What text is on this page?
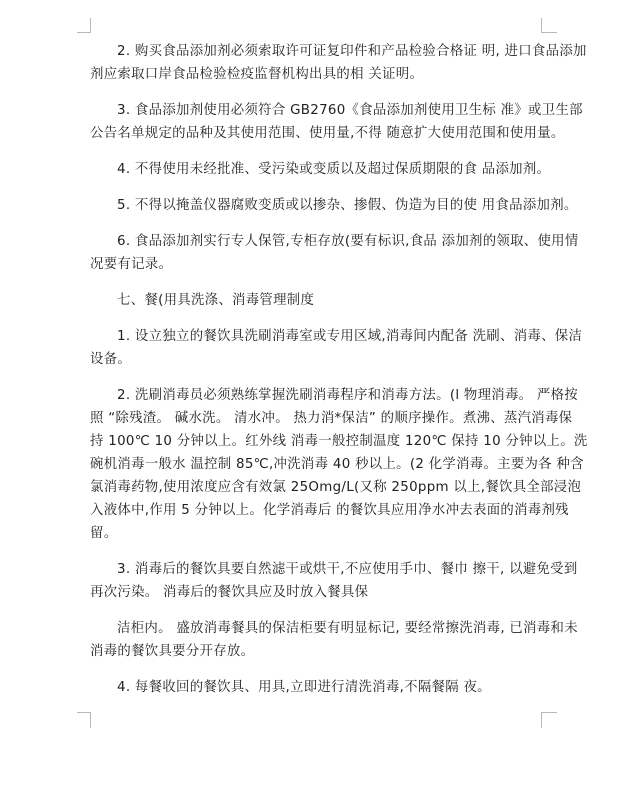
2. 购买食品添加剂必须索取许可证复印件和产品检验合格证 明, 进口食品添加
剂应索取口岸食品检验检疫监督机构出具的相 关证明。
3. 食品添加剂使用必须符合 GB2760《食品添加剂使用卫生标 准》或卫生部
公告名单规定的品种及其使用范围、使用量,不得 随意扩大使用范围和使用量。
4. 不得使用未经批准、受污染或变质以及超过保质期限的食 品添加剂。
5. 不得以掩盖仪器腐败变质或以掺杂、掺假、伪造为目的使 用食品添加剂。
6. 食品添加剂实行专人保管,专柜存放(要有标识,食品 添加剂的领取、使用情
况要有记录。
七、餐(用具洗涤、消毒管理制度
1. 设立独立的餐饮具洗刷消毒室或专用区域,消毒间内配备 洗刷、消毒、保洁
设备。
2. 洗刷消毒员必须熟练掌握洗刷消毒程序和消毒方法。(l 物理消毒。 严格按
照 “除残渣。 碱水洗。 清水冲。 热力消*保洁” 的顺序操作。煮沸、蒸汽消毒保
持 100℃ 10 分钟以上。红外线 消毒一般控制温度 120℃ 保持 10 分钟以上。洗
碗机消毒一般水 温控制 85℃,冲洗消毒 40 秒以上。(2 化学消毒。主要为各 种含
氯消毒药物,使用浓度应含有效氯 25Omg/L(又称 250ppm 以上,餐饮具全部浸泡
入液体中,作用 5 分钟以上。化学消毒后 的餐饮具应用净水冲去表面的消毒剂残
留。
3. 消毒后的餐饮具要自然滤干或烘干,不应使用手巾、餐巾 擦干, 以避免受到
再次污染。 消毒后的餐饮具应及时放入餐具保
洁柜内。 盛放消毒餐具的保洁柜要有明显标记, 要经常擦洗消毒, 已消毒和未
消毒的餐饮具要分开存放。
4. 每餐收回的餐饮具、用具,立即进行清洗消毒,不隔餐隔 夜。
